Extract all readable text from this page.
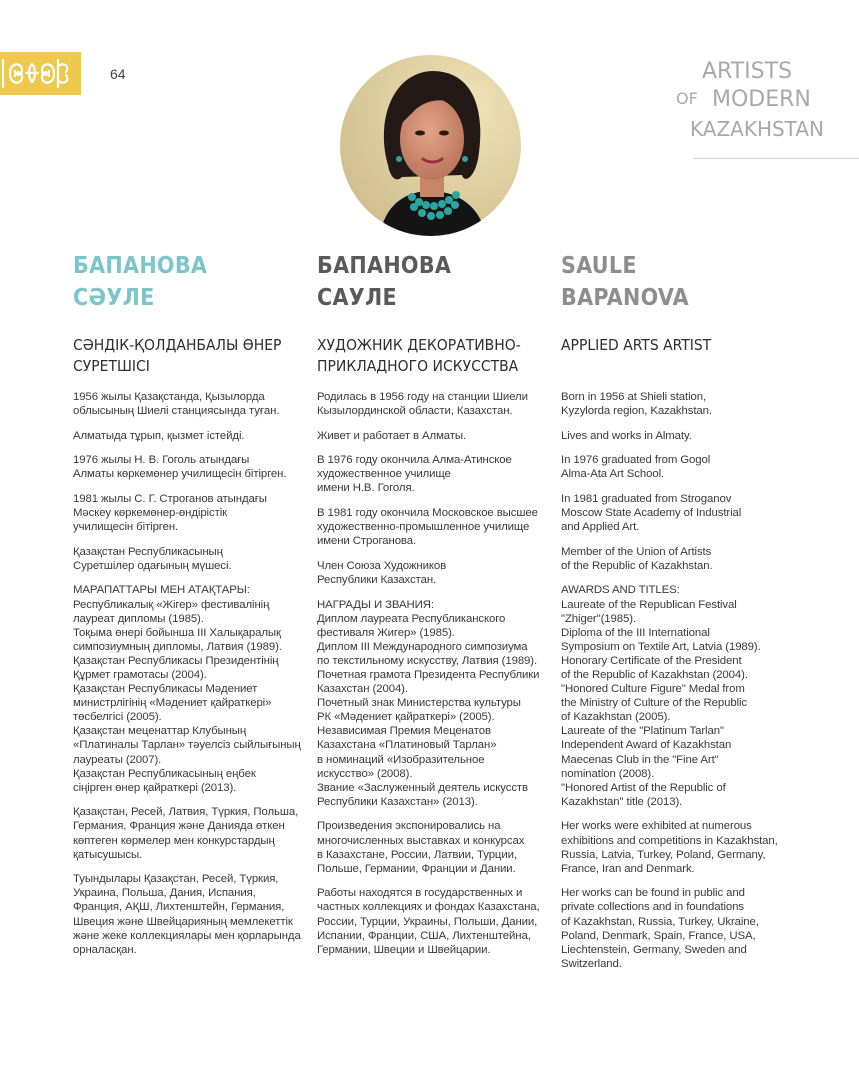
64	ARTISTS
OF MODERN
KAZAKHSTAN
БАПАНОВА
СӘУЛЕ
СӘНДІК-ҚОЛДАНБАЛЫ ӨНЕР
СУРЕТШІСІ

1956 жылы Қазақстанда, Қызылорда
облысының Шиелі станциясында туған.

Алматыда тұрып, қызмет істейді.

1976 жылы Н. В. Гоголь атындағы
Алматы көркемөнер училищесін бітірген.

1981 жылы С. Г. Строганов атындағы
Мәскеу көркемөнер-өндірістік
училищесін бітірген.

Қазақстан Республикасының
Суретшілер одағының мүшесі.

МАРАПАТТАРЫ МЕН АТАҚТАРЫ:
Республикалық «Жігер» фестивалінің
лауреат дипломы (1985).
Тоқыма өнері бойынша ІІІ Халықаралық
симпозиумның дипломы, Латвия (1989).
Қазақстан Республикасы Президентінің
Құрмет грамотасы (2004).
Қазақстан Республикасы Мәдениет
министрлігінің «Мәдениет қайраткері»
төсбелгісі (2005).
Қазақстан меценаттар Клубының
«Платиналы Тарлан» тәуелсіз сыйлығының
лауреаты (2007).
Қазақстан Республикасының еңбек
сіңірген өнер қайраткері (2013).

Қазақстан, Ресей, Латвия, Түркия, Польша,
Германия, Франция және Данияда өткен
көптеген көрмелер мен конкурстардың
қатысушысы.

Туындылары Қазақстан, Ресей, Түркия,
Украина, Польша, Дания, Испания,
Франция, АҚШ, Лихтенштейн, Германия,
Швеция және Швейцарияның мемлекеттік
және жеке коллекциялары мен қорларында
орналасқан.

БАПАНОВА
САУЛЕ
ХУДОЖНИК ДЕКОРАТИВНО-
ПРИКЛАДНОГО ИСКУССТВА

Родилась в 1956 году на станции Шиели
Кызылординской области, Казахстан.

Живет и работает в Алматы.

В 1976 году окончила Алма-Атинское
художественное училище
имени Н.В. Гоголя.

В 1981 году окончила Московское высшее
художественно-промышленное училище
имени Строганова.

Член Союза Художников
Республики Казахстан.

НАГРАДЫ И ЗВАНИЯ:
Диплом лауреата Республиканского
фестиваля Жигер» (1985).
Диплом III Международного симпозиума
по текстильному искусству, Латвия (1989).
Почетная грамота Президента Республики
Казахстан (2004).
Почетный знак Министерства культуры
РК «Мәдениет қайраткері» (2005).
Независимая Премия Меценатов
Казахстана «Платиновый Тарлан»
в номинаций «Изобразительное
искусство» (2008).
Звание «Заслуженный деятель искусств
Республики Казахстан» (2013).

Произведения экспонировались на
многочисленных выставках и конкурсах
в Казахстане, России, Латвии, Турции,
Польше, Германии, Франции и Дании.

Работы находятся в государственных и
частных коллекциях и фондах Казахстана,
России, Турции, Украины, Польши, Дании,
Испании, Франции, США, Лихтенштейна,
Германии, Швеции и Швейцарии.

SAULE
BAPANOVA
APPLIED ARTS ARTIST

Born in 1956 at Shieli station,
Kyzylorda region, Kazakhstan.

Lives and works in Almaty.

In 1976 graduated from Gogol
Alma-Ata Art School.

In 1981 graduated from Stroganov
Moscow State Academy of Industrial
and Applied Art.

Member of the Union of Artists
of the Republic of Kazakhstan.

AWARDS AND TITLES:
Laureate of the Republican Festival
"Zhiger"(1985).
Diploma of the III International
Symposium on Textile Art, Latvia (1989).
Honorary Certificate of the President
of the Republic of Kazakhstan (2004).
"Honored Culture Figure" Medal from
the Ministry of Culture of the Republic
of Kazakhstan (2005).
Laureate of the "Platinum Tarlan"
Independent Award of Kazakhstan
Maecenas Club in the "Fine Art"
nomination (2008).
"Honored Artist of the Republic of
Kazakhstan" title (2013).

Her works were exhibited at numerous
exhibitions and competitions in Kazakhstan,
Russia, Latvia, Turkey, Poland, Germany,
France, Iran and Denmark.

Her works can be found in public and
private collections and in foundations
of Kazakhstan, Russia, Turkey, Ukraine,
Poland, Denmark, Spain, France, USA,
Liechtenstein, Germany, Sweden and
Switzerland.
